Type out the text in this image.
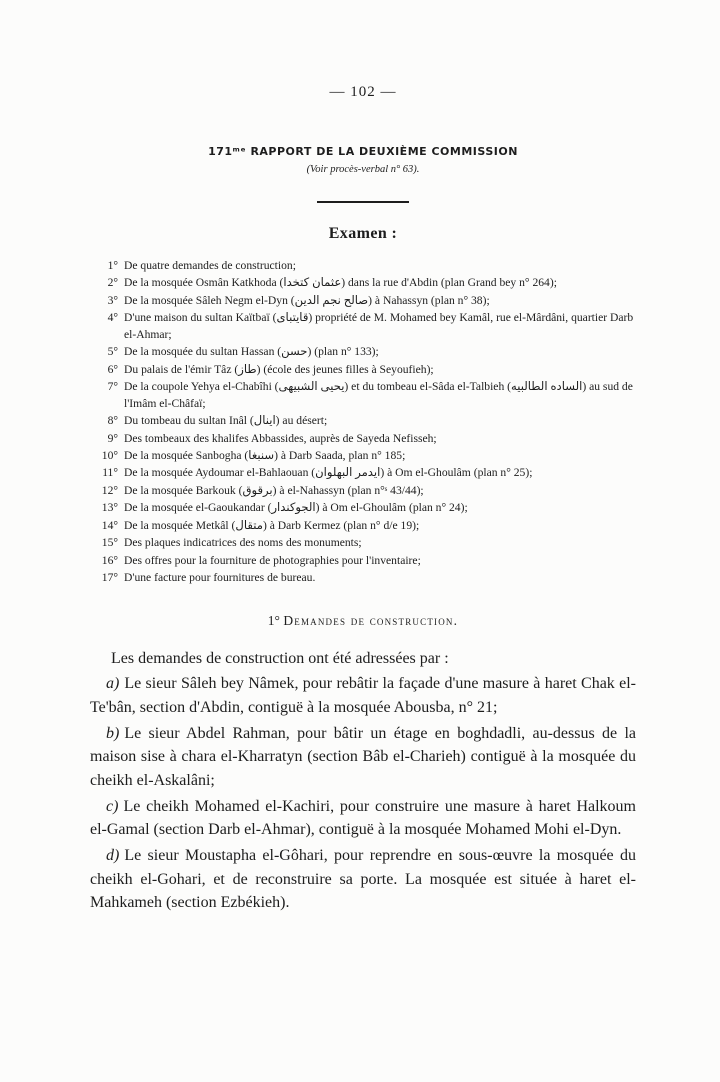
— 102 —
171ᵐᵉ RAPPORT DE LA DEUXIÈME COMMISSION
(Voir procès-verbal n° 63).
Examen :
1° De quatre demandes de construction;
2° De la mosquée Osmân Katkhoda (عثمان كتخدا) dans la rue d'Abdin (plan Grand bey n° 264);
3° De la mosquée Sâleh Negm el-Dyn (صالح نجم الدين) à Nahassyn (plan n° 38);
4° D'une maison du sultan Kaïtbaï (قايتباى) propriété de M. Mohamed bey Kamâl, rue el-Mârdâni, quartier Darb el-Ahmar;
5° De la mosquée du sultan Hassan (حسن) (plan n° 133);
6° Du palais de l'émir Tâz (طاز) (école des jeunes filles à Seyoufieh);
7° De la coupole Yehya el-Chabîhi (يحيى الشبيهى) et du tombeau el-Sâda el-Talbieh (الساده الطالبيه) au sud de l'Imâm el-Châfaï;
8° Du tombeau du sultan Inâl (اينال) au désert;
9° Des tombeaux des khalifes Abbassides, auprès de Sayeda Nefisseh;
10° De la mosquée Sanbogha (سنبغا) à Darb Saada, plan n° 185;
11° De la mosquée Aydoumar el-Bahlaouan (ايدمر البهلوان) à Om el-Ghoulâm (plan n° 25);
12° De la mosquée Barkouk (برقوق) à el-Nahassyn (plan n°ˢ 43/44);
13° De la mosquée el-Gaoukandar (الجوكندار) à Om el-Ghoulâm (plan n° 24);
14° De la mosquée Metkâl (متقال) à Darb Kermez (plan n° d/e 19);
15° Des plaques indicatrices des noms des monuments;
16° Des offres pour la fourniture de photographies pour l'inventaire;
17° D'une facture pour fournitures de bureau.
1° Demandes de construction.

Les demandes de construction ont été adressées par :

a) Le sieur Sâleh bey Nâmek, pour rebâtir la façade d'une masure à haret Chak el-Te'bân, section d'Abdin, contiguë à la mosquée Abousba, n° 21;

b) Le sieur Abdel Rahman, pour bâtir un étage en boghdadli, au-dessus de la maison sise à chara el-Kharratyn (section Bâb el-Charieh) contiguë à la mosquée du cheikh el-Askalâni;

c) Le cheikh Mohamed el-Kachiri, pour construire une masure à haret Halkoum el-Gamal (section Darb el-Ahmar), contiguë à la mosquée Mohamed Mohi el-Dyn.

d) Le sieur Moustapha el-Gôhari, pour reprendre en sous-œuvre la mosquée du cheikh el-Gohari, et de reconstruire sa porte. La mosquée est située à haret el-Mahkameh (section Ezbékieh).
